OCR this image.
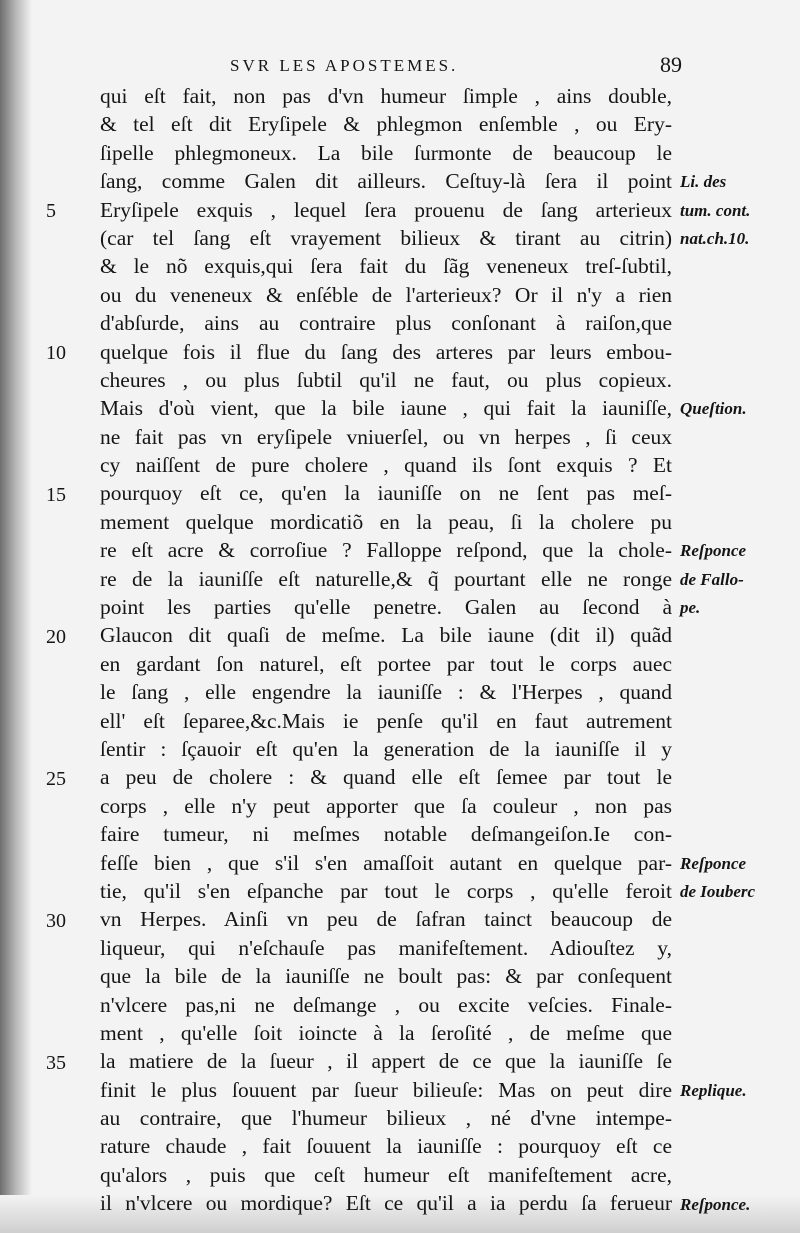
SVR LES APOSTEMES.	89
qui eſt fait, non pas d'vn humeur ſimple , ains double,
& tel eſt dit Eryſipele & phlegmon enſemble , ou Ery-
ſipelle phlegmoneux. La bile ſurmonte de beaucoup le
ſang, comme Galen dit ailleurs. Ceſtuy-là ſera il point
Eryſipele exquis , lequel ſera prouenu de ſang arterieux
(car tel ſang eſt vrayement bilieux & tirant au citrin)
& le nõ exquis,qui ſera fait du ſãg veneneux treſ-ſubtil,
ou du veneneux & enſéble de l'arterieux? Or il n'y a rien
d'abſurde, ains au contraire plus conſonant à raiſon,que
quelque fois il flue du ſang des arteres par leurs embou-
cheures , ou plus ſubtil qu'il ne faut, ou plus copieux.
Mais d'où vient, que la bile iaune , qui fait la iauniſſe,
ne fait pas vn eryſipele vniuerſel, ou vn herpes , ſi ceux
cy naiſſent de pure cholere , quand ils ſont exquis ? Et
pourquoy eſt ce, qu'en la iauniſſe on ne ſent pas meſ-
mement quelque mordicatiõ en la peau, ſi la cholere pu
re eſt acre & corroſiue ? Falloppe reſpond, que la chole-
re de la iauniſſe eſt naturelle,& q̃ pourtant elle ne ronge
point les parties qu'elle penetre. Galen au ſecond à
Glaucon dit quaſi de meſme. La bile iaune (dit il) quãd
en gardant ſon naturel, eſt portee par tout le corps auec
le ſang , elle engendre la iauniſſe : & l'Herpes , quand
ell' eſt ſeparee,&c.Mais ie penſe qu'il en faut autrement
ſentir : ſçauoir eſt qu'en la generation de la iauniſſe il y
a peu de cholere : & quand elle eſt ſemee par tout le
corps , elle n'y peut apporter que ſa couleur , non pas
faire tumeur, ni meſmes notable deſmangeiſon.Ie con-
feſſe bien , que s'il s'en amaſſoit autant en quelque par-
tie, qu'il s'en eſpanche par tout le corps , qu'elle feroit
vn Herpes. Ainſi vn peu de ſafran tainct beaucoup de
liqueur, qui n'eſchauſe pas manifeſtement. Adiouſtez y,
que la bile de la iauniſſe ne boult pas: & par conſequent
n'vlcere pas,ni ne deſmange , ou excite veſcies. Finale-
ment , qu'elle ſoit ioincte à la ſeroſité , de meſme que
la matiere de la ſueur , il appert de ce que la iauniſſe ſe
finit le plus ſouuent par ſueur bilieuſe: Mas on peut dire
au contraire, que l'humeur bilieux , né d'vne intempe-
rature chaude , fait ſouuent la iauniſſe : pourquoy eſt ce
qu'alors , puis que ceſt humeur eſt manifeſtement acre,
il n'vlcere ou mordique? Eſt ce qu'il a ia perdu ſa ferueur
5
10
15
20
25
30
35
Li. des
tum. cont.
nat.ch.10.
Queſtion.
Reſponce
de Fallo-
pe.
Reſponce
de Iouberc
Replique.
Reſponce.
